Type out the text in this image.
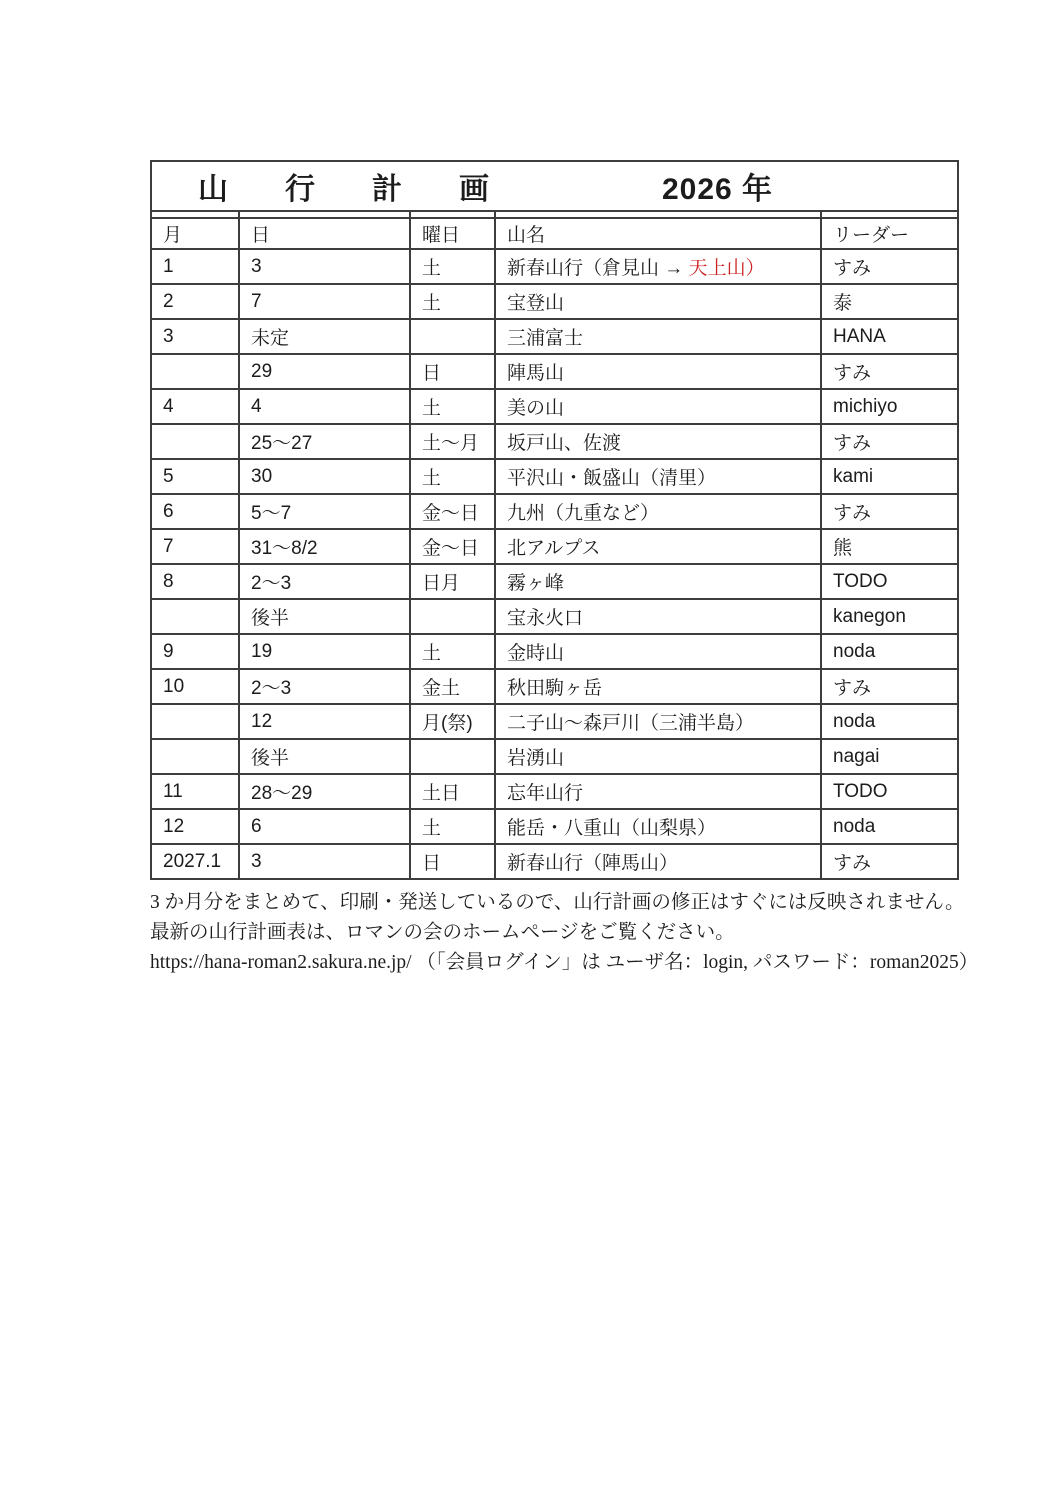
山行計画 2026 年				

月	日	曜日	山名	リーダー
1	3	土	新春山行（倉見山 → 天上山）	すみ
2	7	土	宝登山	泰
3	未定		三浦富士	HANA
	29	日	陣馬山	すみ
4	4	土	美の山	michiyo
	25～27	土～月	坂戸山、佐渡	すみ
5	30	土	平沢山・飯盛山（清里）	kami
6	5～7	金～日	九州（九重など）	すみ
7	31～8/2	金～日	北アルプス	熊
8	2～3	日月	霧ヶ峰	TODO
	後半		宝永火口	kanegon
9	19	土	金時山	noda
10	2～3	金土	秋田駒ヶ岳	すみ
	12	月(祭)	二子山～森戸川（三浦半島）	noda
	後半		岩湧山	nagai
11	28～29	土日	忘年山行	TODO
12	6	土	能岳・八重山（山梨県）	noda
2027.1	3	日	新春山行（陣馬山）	すみ

3 か月分をまとめて、印刷・発送しているので、山行計画の修正はすぐには反映されません。

最新の山行計画表は、ロマンの会のホームページをご覧ください。

https://hana-roman2.sakura.ne.jp/ （「会員ログイン」は ユーザ名：login, パスワード：roman2025）
